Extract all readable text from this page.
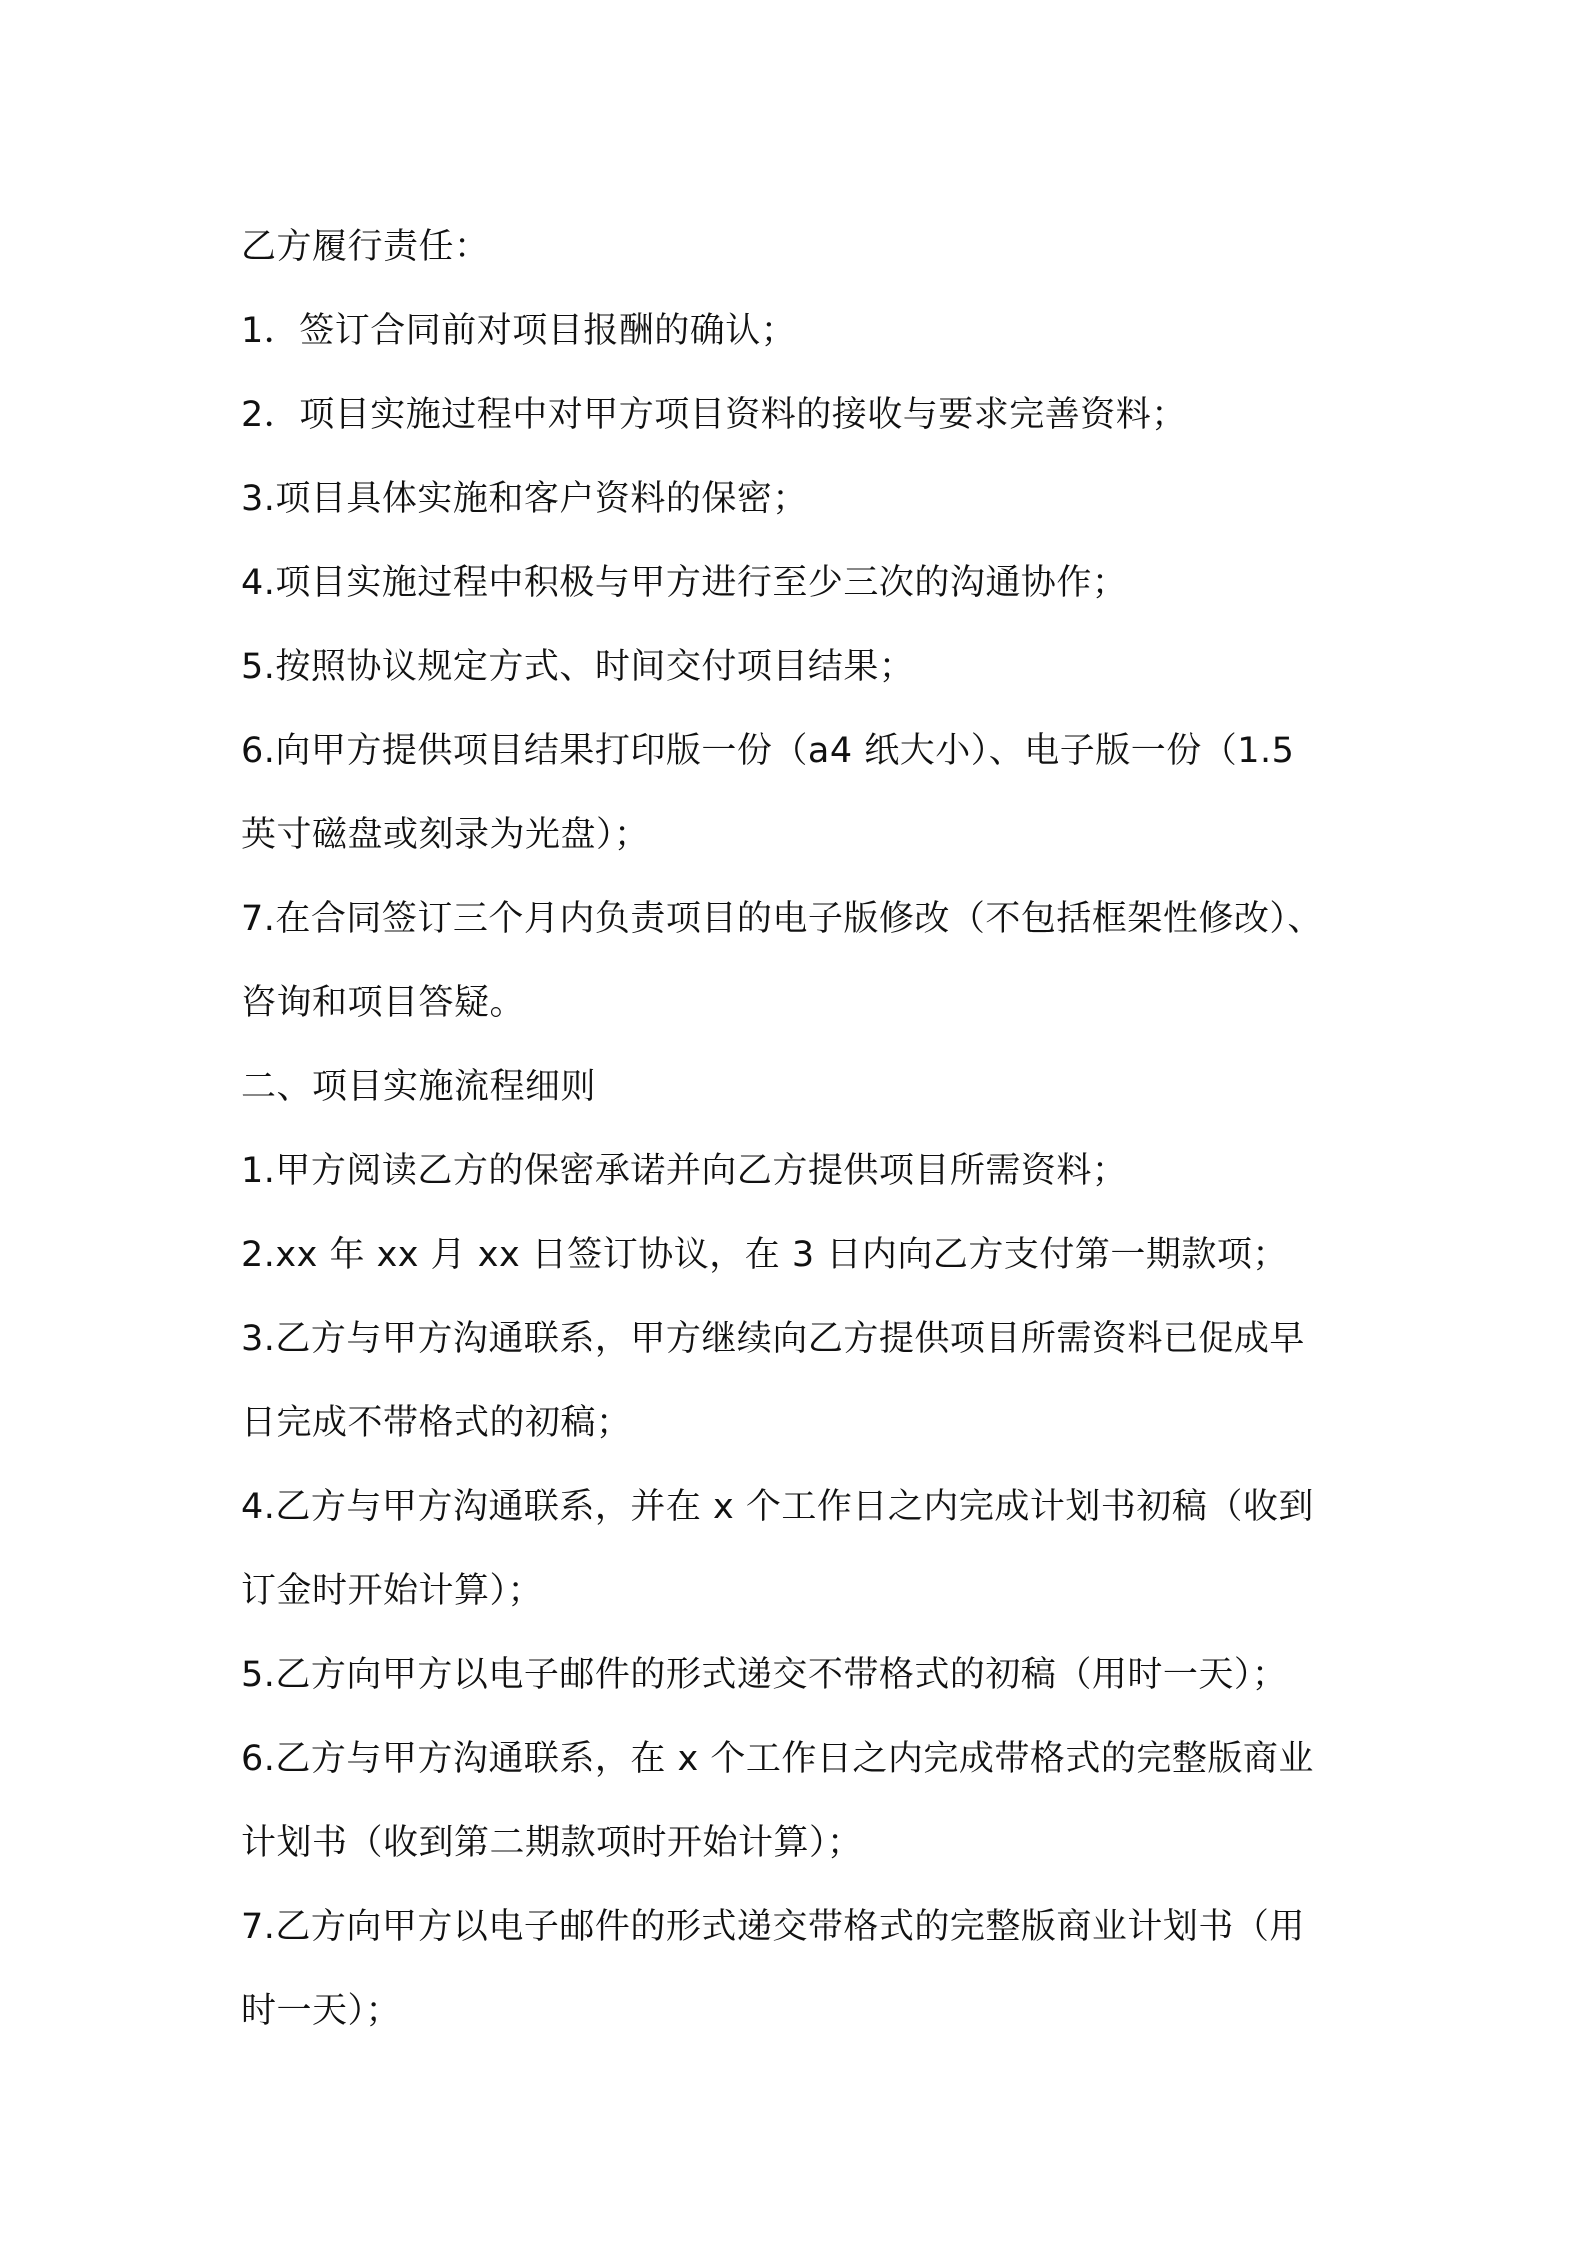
乙方履行责任：
1．签订合同前对项目报酬的确认；
2．项目实施过程中对甲方项目资料的接收与要求完善资料；
3.项目具体实施和客户资料的保密；
4.项目实施过程中积极与甲方进行至少三次的沟通协作；
5.按照协议规定方式、时间交付项目结果；
6.向甲方提供项目结果打印版一份（a4 纸大小）、电子版一份（1.5
英寸磁盘或刻录为光盘）；
7.在合同签订三个月内负责项目的电子版修改（不包括框架性修改）、
咨询和项目答疑。
二、项目实施流程细则
1.甲方阅读乙方的保密承诺并向乙方提供项目所需资料；
2.xx 年 xx 月 xx 日签订协议，在 3 日内向乙方支付第一期款项；
3.乙方与甲方沟通联系，甲方继续向乙方提供项目所需资料已促成早
日完成不带格式的初稿；
4.乙方与甲方沟通联系，并在 x 个工作日之内完成计划书初稿（收到
订金时开始计算）；
5.乙方向甲方以电子邮件的形式递交不带格式的初稿（用时一天）；
6.乙方与甲方沟通联系，在 x 个工作日之内完成带格式的完整版商业
计划书（收到第二期款项时开始计算）；
7.乙方向甲方以电子邮件的形式递交带格式的完整版商业计划书（用
时一天）；
